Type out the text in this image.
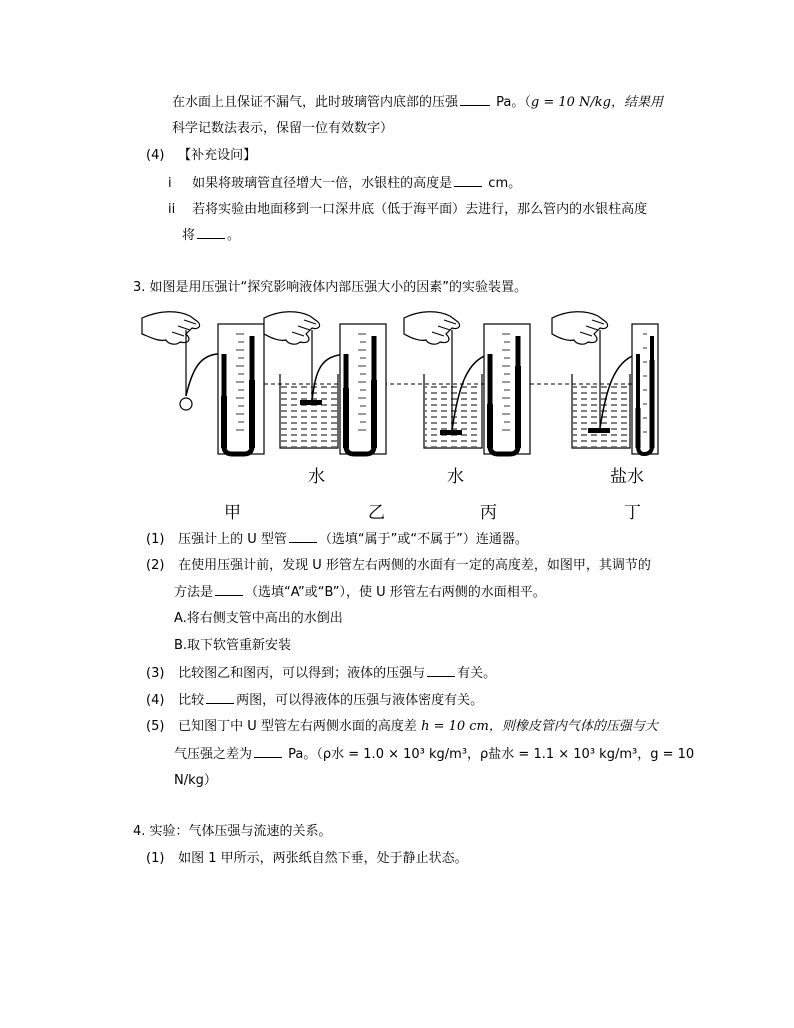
在水面上且保证不漏气，此时玻璃管内底部的压强	Pa。（g = 10 N/kg，结果用
科学记数法表示，保留一位有效数字）
(4) 【补充设问】
i 如果将玻璃管直径增大一倍，水银柱的高度是	cm。
ii 若将实验由地面移到一口深井底（低于海平面）去进行，那么管内的水银柱高度
将 。
3. 如图是用压强计“探究影响液体内部压强大小的因素”的实验装置。
水	水	盐水
甲	乙	丙	丁
(1) 压强计上的 U 型管 （选填“属于”或“不属于”）连通器。
(2) 在使用压强计前，发现 U 形管左右两侧的水面有一定的高度差，如图甲，其调节的
方法是 （选填“A”或“B”），使 U 形管左右两侧的水面相平。
A.将右侧支管中高出的水倒出
B.取下软管重新安装
(3) 比较图乙和图丙，可以得到；液体的压强与 有关。
(4) 比较 两图，可以得液体的压强与液体密度有关。
(5) 已知图丁中 U 型管左右两侧水面的高度差 h = 10 cm，则橡皮管内气体的压强与大
气压强之差为	Pa。（ρ水 = 1.0 × 10³ kg/m³，ρ盐水 = 1.1 × 10³ kg/m³，g = 10
N/kg）
4. 实验：气体压强与流速的关系。
(1) 如图 1 甲所示，两张纸自然下垂，处于静止状态。
